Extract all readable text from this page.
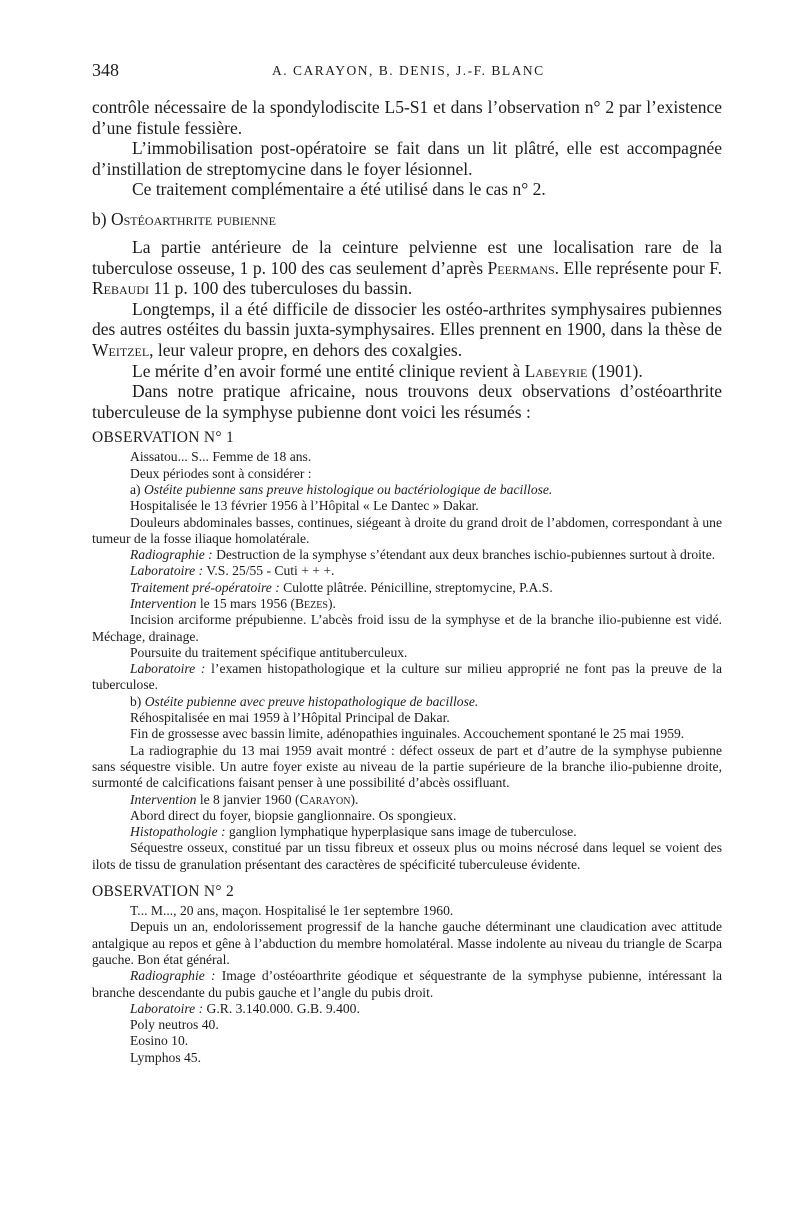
348	A. CARAYON, B. DENIS, J.-F. BLANC

contrôle nécessaire de la spondylodiscite L5-S1 et dans l’observation n° 2 par l’existence d’une fistule fessière.

L’immobilisation post-opératoire se fait dans un lit plâtré, elle est accompagnée d’instillation de streptomycine dans le foyer lésionnel.

Ce traitement complémentaire a été utilisé dans le cas n° 2.

b) Ostéoarthrite pubienne

La partie antérieure de la ceinture pelvienne est une localisation rare de la tuberculose osseuse, 1 p. 100 des cas seulement d’après Peermans. Elle représente pour F. Rebaudi 11 p. 100 des tuberculoses du bassin.

Longtemps, il a été difficile de dissocier les ostéo-arthrites symphysaires pubiennes des autres ostéites du bassin juxta-symphysaires. Elles prennent en 1900, dans la thèse de Weitzel, leur valeur propre, en dehors des coxalgies.

Le mérite d’en avoir formé une entité clinique revient à Labeyrie (1901).

Dans notre pratique africaine, nous trouvons deux observations d’ostéoarthrite tuberculeuse de la symphyse pubienne dont voici les résumés :

OBSERVATION N° 1

Aissatou... S... Femme de 18 ans.

Deux périodes sont à considérer :

a) Ostéite pubienne sans preuve histologique ou bactériologique de bacillose.

Hospitalisée le 13 février 1956 à l’Hôpital « Le Dantec » Dakar.

Douleurs abdominales basses, continues, siégeant à droite du grand droit de l’abdomen, correspondant à une tumeur de la fosse iliaque homolatérale.

Radiographie : Destruction de la symphyse s’étendant aux deux branches ischio-pubiennes surtout à droite.

Laboratoire : V.S. 25/55 - Cuti + + +.

Traitement pré-opératoire : Culotte plâtrée. Pénicilline, streptomycine, P.A.S.

Intervention le 15 mars 1956 (Bezes).

Incision arciforme prépubienne. L’abcès froid issu de la symphyse et de la branche ilio-pubienne est vidé. Méchage, drainage.

Poursuite du traitement spécifique antituberculeux.

Laboratoire : l’examen histopathologique et la culture sur milieu approprié ne font pas la preuve de la tuberculose.

b) Ostéite pubienne avec preuve histopathologique de bacillose.

Réhospitalisée en mai 1959 à l’Hôpital Principal de Dakar.

Fin de grossesse avec bassin limite, adénopathies inguinales. Accouchement spontané le 25 mai 1959.

La radiographie du 13 mai 1959 avait montré : défect osseux de part et d’autre de la symphyse pubienne sans séquestre visible. Un autre foyer existe au niveau de la partie supérieure de la branche ilio-pubienne droite, surmonté de calcifications faisant penser à une possibilité d’abcès ossifluant.

Intervention le 8 janvier 1960 (Carayon).

Abord direct du foyer, biopsie ganglionnaire. Os spongieux.

Histopathologie : ganglion lymphatique hyperplasique sans image de tuberculose.

Séquestre osseux, constitué par un tissu fibreux et osseux plus ou moins nécrosé dans lequel se voient des ilots de tissu de granulation présentant des caractères de spécificité tuberculeuse évidente.

OBSERVATION N° 2

T... M..., 20 ans, maçon. Hospitalisé le 1er septembre 1960.

Depuis un an, endolorissement progressif de la hanche gauche déterminant une claudication avec attitude antalgique au repos et gêne à l’abduction du membre homolatéral. Masse indolente au niveau du triangle de Scarpa gauche. Bon état général.

Radiographie : Image d’ostéoarthrite géodique et séquestrante de la symphyse pubienne, intéressant la branche descendante du pubis gauche et l’angle du pubis droit.

Laboratoire : G.R. 3.140.000. G.B. 9.400.

Poly neutros 40.

Eosino 10.

Lymphos 45.
